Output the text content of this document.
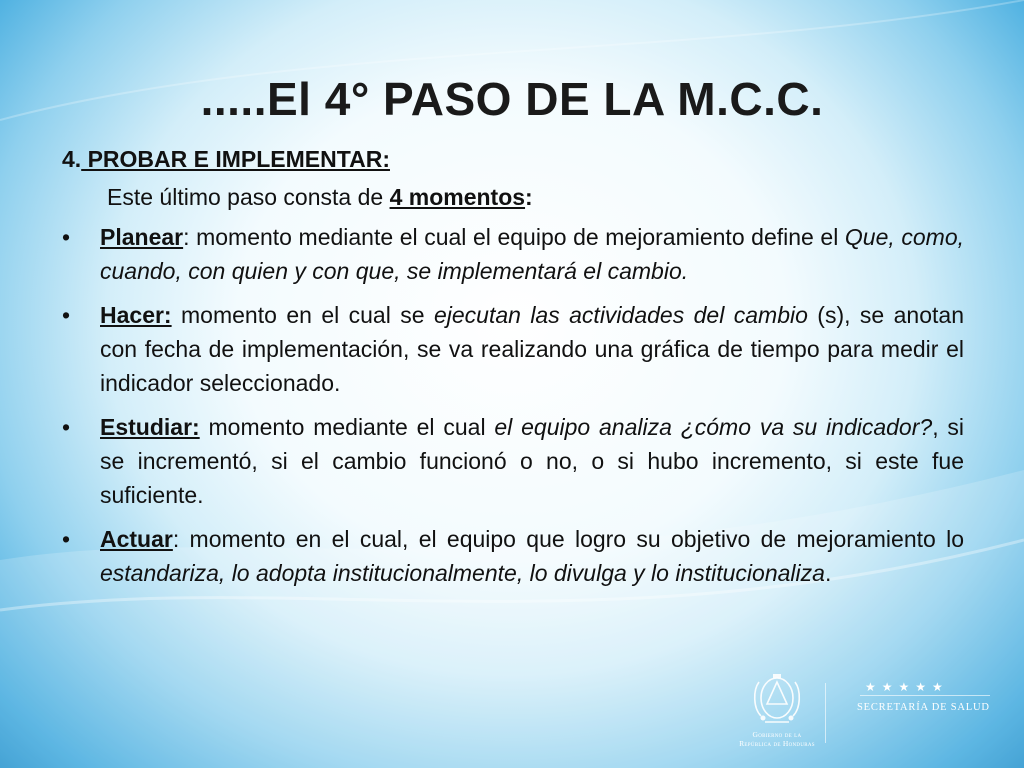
.....El 4° PASO DE LA M.C.C.

4. PROBAR E IMPLEMENTAR:

Este último paso consta de 4 momentos:

• Planear: momento mediante el cual el equipo de mejoramiento define el Que, como, cuando, con quien y con que, se implementará el cambio.
• Hacer: momento en el cual se ejecutan las actividades del cambio (s), se anotan con fecha de implementación, se va realizando una gráfica de tiempo para medir el indicador seleccionado.
• Estudiar: momento mediante el cual el equipo analiza ¿cómo va su indicador?, si se incrementó, si el cambio funcionó o no, o si hubo incremento, si este fue suficiente.
• Actuar: momento en el cual, el equipo que logro su objetivo de mejoramiento lo estandariza, lo adopta institucionalmente, lo divulga y lo institucionaliza.
Gobierno de la
República de Honduras
★★★★★
SECRETARÍA DE SALUD
